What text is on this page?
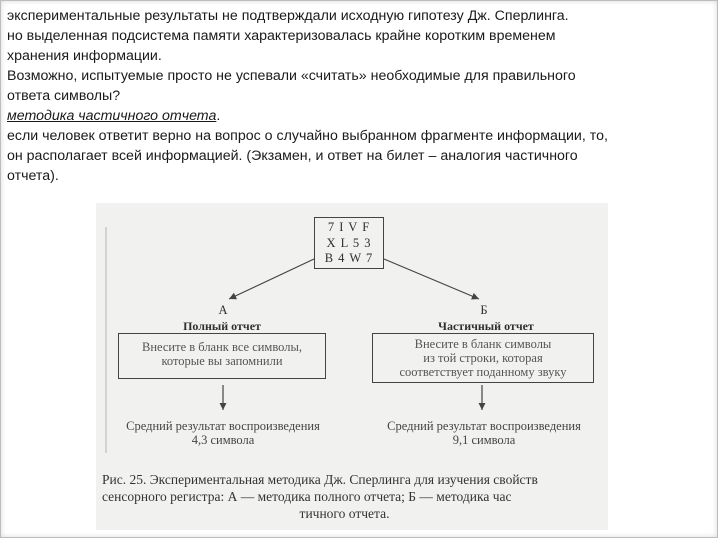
экспериментальные результаты не подтверждали исходную гипотезу Дж. Сперлинга.
но выделенная подсистема памяти характеризовалась крайне коротким временем
хранения информации.
Возможно, испытуемые просто не успевали «считать» необходимые для правильного
ответа символы?
методика частичного отчета.
если человек ответит верно на вопрос о случайно выбранном фрагменте информации, то,
он располагает всей информацией. (Экзамен, и ответ на билет – аналогия частичного
отчета).
7 I V F
X L 5 3
B 4 W 7
А
Полный отчет
Внесите в бланк все символы,
которые вы запомнили
Средний результат воспроизведения
4,3 символа
Б
Частичный отчет
Внесите в бланк символы
из той строки, которая
соответствует поданному звуку
Средний результат воспроизведения
9,1 символа
Рис. 25. Экспериментальная методика Дж. Сперлинга для изучения свойств
сенсорного регистра: А — методика полного отчета; Б — методика час
тичного отчета.
